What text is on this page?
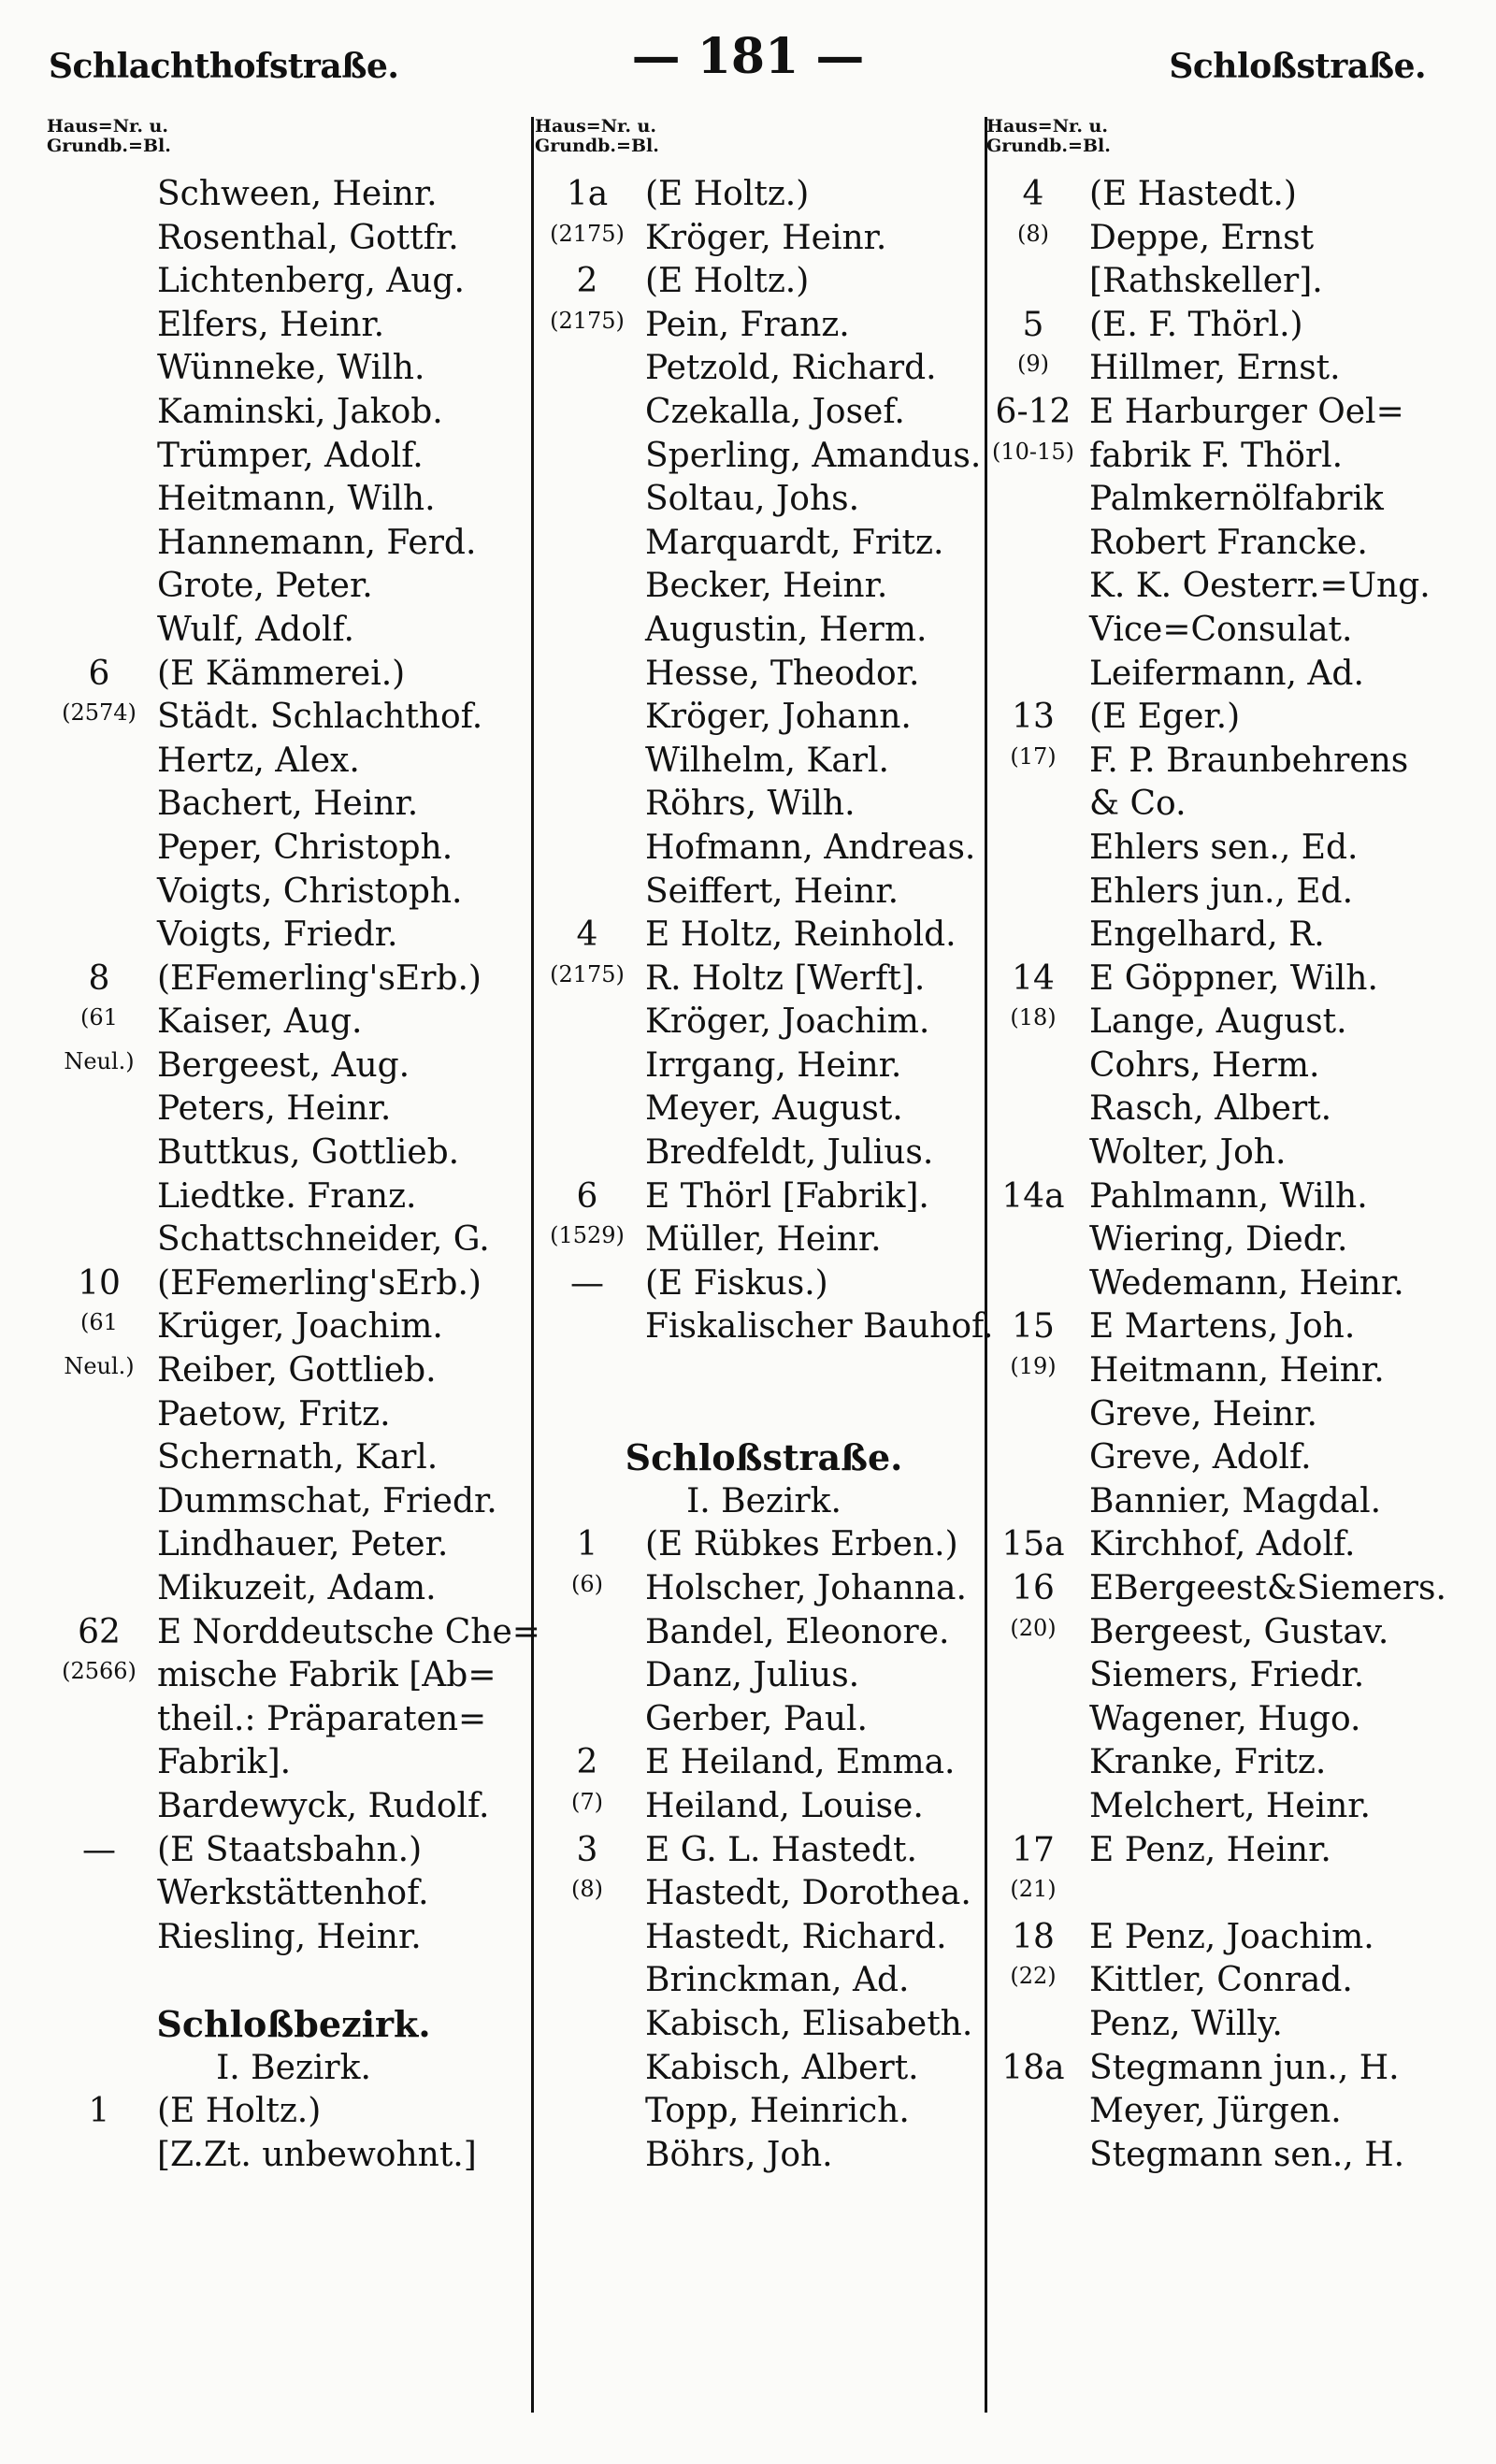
Schlachthofstraße.	— 181 —	Schloßstraße.
Haus=Nr. u.
Grundb.=Bl.
Schween, Heinr.
Rosenthal, Gottfr.
Lichtenberg, Aug.
Elfers, Heinr.
Wünneke, Wilh.
Kaminski, Jakob.
Trümper, Adolf.
Heitmann, Wilh.
Hannemann, Ferd.
Grote, Peter.
Wulf, Adolf.
6	(E Kämmerei.)
(2574) Städt. Schlachthof.
Hertz, Alex.
Bachert, Heinr.
Peper, Christoph.
Voigts, Christoph.
Voigts, Friedr.
8	(EFemerling'sErb.)
(61	Kaiser, Aug.
Neul.) Bergeest, Aug.
Peters, Heinr.
Buttkus, Gottlieb.
Liedtke. Franz.
Schattschneider, G.
10	(EFemerling'sErb.)
(61	Krüger, Joachim.
Neul.) Reiber, Gottlieb.
Paetow, Fritz.
Schernath, Karl.
Dummschat, Friedr.
Lindhauer, Peter.
Mikuzeit, Adam.
62	E Norddeutsche Che=
(2566) mische Fabrik [Ab=
theil.: Präparaten=
Fabrik].
Bardewyck, Rudolf.
—	(E Staatsbahn.)
Werkstättenhof.
Riesling, Heinr.
Schloßbezirk.
I. Bezirk.
1	(E Holtz.)
[Z.Zt. unbewohnt.]
Haus=Nr. u.
Grundb.=Bl.
1a	(E Holtz.)
(2175) Kröger, Heinr.
2	(E Holtz.)
(2175) Pein, Franz.
Petzold, Richard.
Czekalla, Josef.
Sperling, Amandus.
Soltau, Johs.
Marquardt, Fritz.
Becker, Heinr.
Augustin, Herm.
Hesse, Theodor.
Kröger, Johann.
Wilhelm, Karl.
Röhrs, Wilh.
Hofmann, Andreas.
Seiffert, Heinr.
4	E Holtz, Reinhold.
(2175) R. Holtz [Werft].
Kröger, Joachim.
Irrgang, Heinr.
Meyer, August.
Bredfeldt, Julius.
6	E Thörl [Fabrik].
(1529) Müller, Heinr.
—	(E Fiskus.)
Fiskalischer Bauhof.
Schloßstraße.
I. Bezirk.
1	(E Rübkes Erben.)
(6)	Holscher, Johanna.
Bandel, Eleonore.
Danz, Julius.
Gerber, Paul.
2	E Heiland, Emma.
(7)	Heiland, Louise.
3	E G. L. Hastedt.
(8)	Hastedt, Dorothea.
Hastedt, Richard.
Brinckman, Ad.
Kabisch, Elisabeth.
Kabisch, Albert.
Topp, Heinrich.
Böhrs, Joh.
Haus=Nr. u.
Grundb.=Bl.
4	(E Hastedt.)
(8)	Deppe, Ernst
[Rathskeller].
5	(E. F. Thörl.)
(9)	Hillmer, Ernst.
6-12 E Harburger Oel=
(10-15) fabrik F. Thörl.
Palmkernölfabrik
Robert Francke.
K. K. Oesterr.=Ung.
Vice=Consulat.
Leifermann, Ad.
13	(E Eger.)
(17) F. P. Braunbehrens
& Co.
Ehlers sen., Ed.
Ehlers jun., Ed.
Engelhard, R.
14	E Göppner, Wilh.
(18) Lange, August.
Cohrs, Herm.
Rasch, Albert.
Wolter, Joh.
14a Pahlmann, Wilh.
Wiering, Diedr.
Wedemann, Heinr.
15	E Martens, Joh.
(19) Heitmann, Heinr.
Greve, Heinr.
Greve, Adolf.
Bannier, Magdal.
15a Kirchhof, Adolf.
16	EBergeest&Siemers.
(20) Bergeest, Gustav.
Siemers, Friedr.
Wagener, Hugo.
Kranke, Fritz.
Melchert, Heinr.
17	E Penz, Heinr.
(21)
18	E Penz, Joachim.
(22) Kittler, Conrad.
Penz, Willy.
18a Stegmann jun., H.
Meyer, Jürgen.
Stegmann sen., H.
